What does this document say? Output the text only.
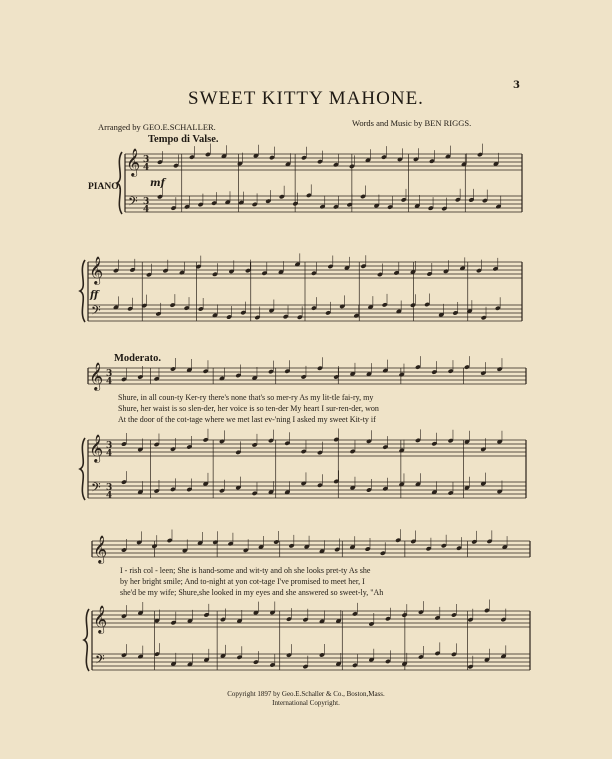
3
SWEET KITTY MAHONE.
Arranged by GEO.E.SCHALLER.	Words and Music by BEN RIGGS.
Tempo di Valse.
PIANO.
Moderato.
mf
ff
Shure, in all coun-ty Ker-ry there's none that's so mer-ry As my lit-tle fai-ry, my
Shure, her waist is so slen-der, her voice is so ten-der My heart I sur-ren-der, won
At the door of the cot-tage where we met last ev-'ning I asked my sweet Kit-ty if
I - rish col - leen; She is hand-some and wit-ty and oh she looks pret-ty As she
by her bright smile; And to-night at yon cot-tage I've promised to meet her, I
she'd be my wife; Shure,she looked in my eyes and she answered so sweet-ly, "Ah
Copyright 1897 by Geo.E.Schaller & Co., Boston,Mass.
International Copyright.
𝄞
𝄢
𝄞
𝄢
𝄞
𝄞
𝄢
𝄞
𝄞
𝄢
3
4
3
4
3
4
3
4
3
4
